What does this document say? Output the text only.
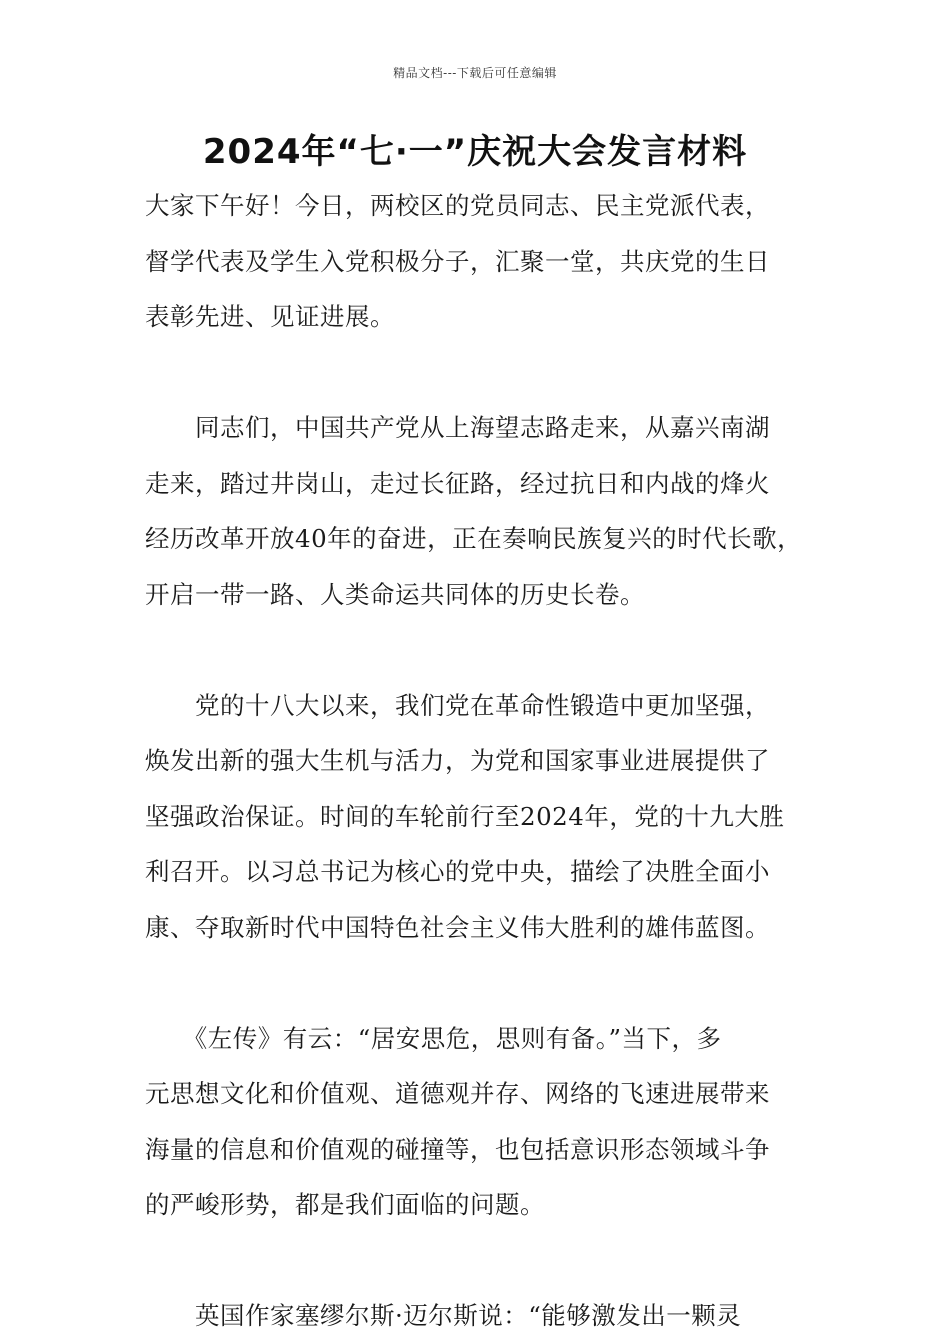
精品文档---下载后可任意编辑
2024年“七·一”庆祝大会发言材料

大家下午好！今日，两校区的党员同志、民主党派代表，
督学代表及学生入党积极分子，汇聚一堂，共庆党的生日
表彰先进、见证进展。

　　同志们，中国共产党从上海望志路走来，从嘉兴南湖
走来，踏过井岗山，走过长征路，经过抗日和内战的烽火
经历改革开放40年的奋进，正在奏响民族复兴的时代长歌，
开启一带一路、人类命运共同体的历史长卷。

　　党的十八大以来，我们党在革命性锻造中更加坚强，
焕发出新的强大生机与活力，为党和国家事业进展提供了
坚强政治保证。时间的车轮前行至2024年，党的十九大胜
利召开。以习总书记为核心的党中央，描绘了决胜全面小
康、夺取新时代中国特色社会主义伟大胜利的雄伟蓝图。

　　《左传》有云：“居安思危，思则有备。”当下，多
元思想文化和价值观、道德观并存、网络的飞速进展带来
海量的信息和价值观的碰撞等，也包括意识形态领域斗争
的严峻形势，都是我们面临的问题。

　　英国作家塞缪尔斯·迈尔斯说：“能够激发出一颗灵
